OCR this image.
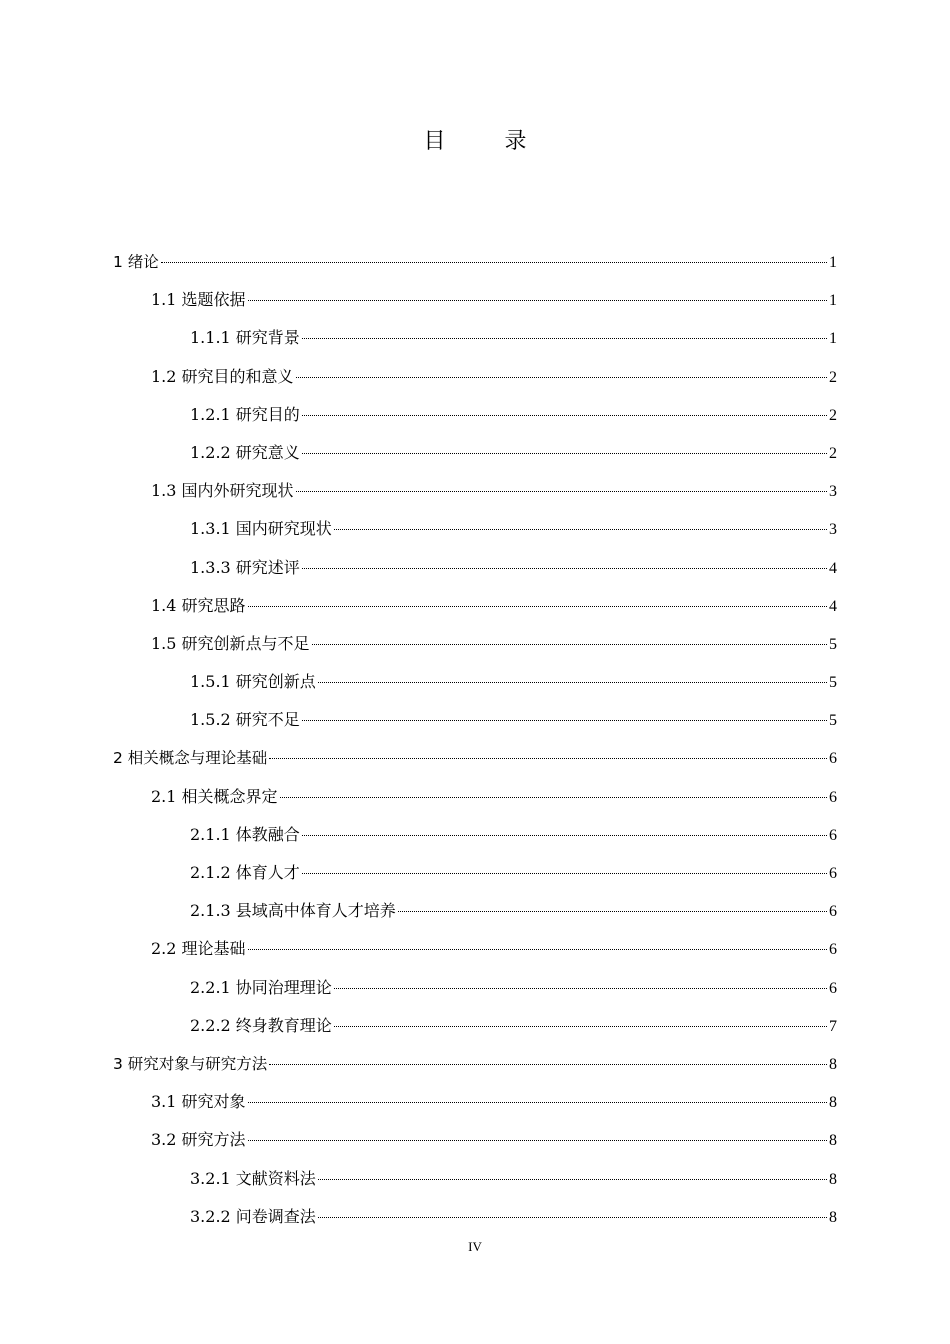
目 录
1 绪论	1
1.1 选题依据	1
1.1.1 研究背景	1
1.2 研究目的和意义	2
1.2.1 研究目的	2
1.2.2 研究意义	2
1.3 国内外研究现状	3
1.3.1 国内研究现状	3
1.3.3 研究述评	4
1.4 研究思路	4
1.5 研究创新点与不足	5
1.5.1 研究创新点	5
1.5.2 研究不足	5
2 相关概念与理论基础	6
2.1 相关概念界定	6
2.1.1 体教融合	6
2.1.2 体育人才	6
2.1.3 县域高中体育人才培养	6
2.2 理论基础	6
2.2.1 协同治理理论	6
2.2.2 终身教育理论	7
3 研究对象与研究方法	8
3.1 研究对象	8
3.2 研究方法	8
3.2.1 文献资料法	8
3.2.2 问卷调查法	8
IV
